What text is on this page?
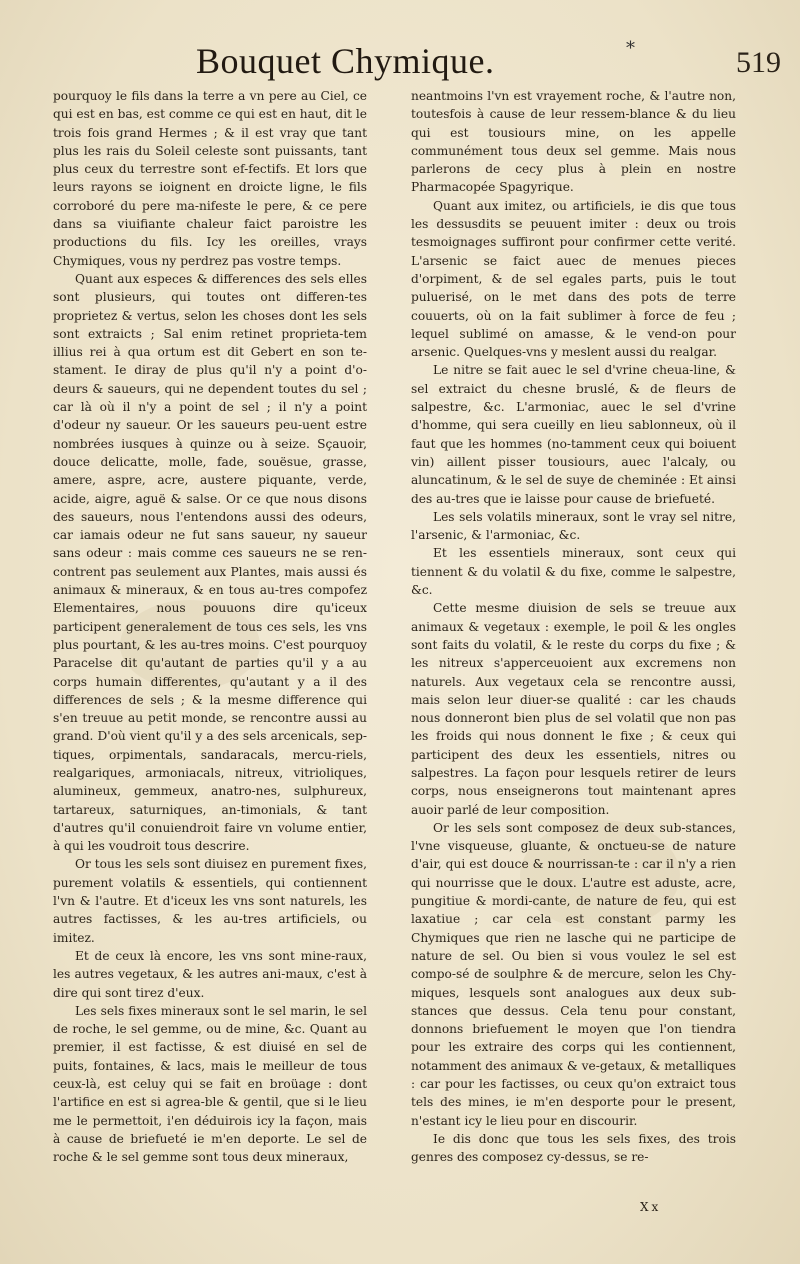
Bouquet Chymique.	*	519

pourquoy le fils dans la terre a vn pere au Ciel, ce qui est en bas, est comme ce qui est en haut, dit le trois fois grand Hermes ; & il est vray que tant plus les rais du Soleil celeste sont puissants, tant plus ceux du terrestre sont ef-fectifs. Et lors que leurs rayons se ioignent en droicte ligne, le fils corroboré du pere ma-nifeste le pere, & ce pere dans sa viuifiante chaleur faict paroistre les productions du fils. Icy les oreilles, vrays Chymiques, vous ny perdrez pas vostre temps.

Quant aux especes & differences des sels elles sont plusieurs, qui toutes ont differen-tes proprietez & vertus, selon les choses dont les sels sont extraicts ; Sal enim retinet proprieta-tem illius rei à qua ortum est dit Gebert en son te-stament. Ie diray de plus qu'il n'y a point d'o-deurs & saueurs, qui ne dependent toutes du sel ; car là où il n'y a point de sel ; il n'y a point d'odeur ny saueur. Or les saueurs peu-uent estre nombrées iusques à quinze ou à seize. Sçauoir, douce delicatte, molle, fade, souësue, grasse, amere, aspre, acre, austere piquante, verde, acide, aigre, aguë & salse. Or ce que nous disons des saueurs, nous l'entendons aussi des odeurs, car iamais odeur ne fut sans saueur, ny saueur sans odeur : mais comme ces saueurs ne se ren-contrent pas seulement aux Plantes, mais aussi és animaux & mineraux, & en tous au-tres compofez Elementaires, nous pouuons dire qu'iceux participent generalement de tous ces sels, les vns plus pourtant, & les au-tres moins. C'est pourquoy Paracelse dit qu'autant de parties qu'il y a au corps humain differentes, qu'autant y a il des differences de sels ; & la mesme difference qui s'en treuue au petit monde, se rencontre aussi au grand. D'où vient qu'il y a des sels arcenicals, sep-tiques, orpimentals, sandaracals, mercu-riels, realgariques, armoniacals, nitreux, vitrioliques, alumineux, gemmeux, anatro-nes, sulphureux, tartareux, saturniques, an-timonials, & tant d'autres qu'il conuiendroit faire vn volume entier, à qui les voudroit tous descrire.

Or tous les sels sont diuisez en purement fixes, purement volatils & essentiels, qui contiennent l'vn & l'autre. Et d'iceux les vns sont naturels, les autres factisses, & les au-tres artificiels, ou imitez.

Et de ceux là encore, les vns sont mine-raux, les autres vegetaux, & les autres ani-maux, c'est à dire qui sont tirez d'eux.

Les sels fixes mineraux sont le sel marin, le sel de roche, le sel gemme, ou de mine, &c. Quant au premier, il est factisse, & est diuisé en sel de puits, fontaines, & lacs, mais le meilleur de tous ceux-là, est celuy qui se fait en broüage : dont l'artifice en est si agrea-ble & gentil, que si le lieu me le permettoit, i'en déduirois icy la façon, mais à cause de briefueté ie m'en deporte. Le sel de roche & le sel gemme sont tous deux mineraux,

neantmoins l'vn est vrayement roche, & l'autre non, toutesfois à cause de leur ressem-blance & du lieu qui est tousiours mine, on les appelle communément tous deux sel gemme. Mais nous parlerons de cecy plus à plein en nostre Pharmacopée Spagyrique.

Quant aux imitez, ou artificiels, ie dis que tous les dessusdits se peuuent imiter : deux ou trois tesmoignages suffiront pour confirmer cette verité. L'arsenic se faict auec de menues pieces d'orpiment, & de sel egales parts, puis le tout puluerisé, on le met dans des pots de terre couuerts, où on la fait sublimer à force de feu ; lequel sublimé on amasse, & le vend-on pour arsenic. Quelques-vns y meslent aussi du realgar.

Le nitre se fait auec le sel d'vrine cheua-line, & sel extraict du chesne bruslé, & de fleurs de salpestre, &c. L'armoniac, auec le sel d'vrine d'homme, qui sera cueilly en lieu sablonneux, où il faut que les hommes (no-tamment ceux qui boiuent vin) aillent pisser tousiours, auec l'alcaly, ou aluncatinum, & le sel de suye de cheminée : Et ainsi des au-tres que ie laisse pour cause de briefueté.

Les sels volatils mineraux, sont le vray sel nitre, l'arsenic, & l'armoniac, &c.

Et les essentiels mineraux, sont ceux qui tiennent & du volatil & du fixe, comme le salpestre, &c.

Cette mesme diuision de sels se treuue aux animaux & vegetaux : exemple, le poil & les ongles sont faits du volatil, & le reste du corps du fixe ; & les nitreux s'apperceuoient aux excremens non naturels. Aux vegetaux cela se rencontre aussi, mais selon leur diuer-se qualité : car les chauds nous donneront bien plus de sel volatil que non pas les froids qui nous donnent le fixe ; & ceux qui participent des deux les essentiels, nitres ou salpestres. La façon pour lesquels retirer de leurs corps, nous enseignerons tout maintenant apres auoir parlé de leur composition.

Or les sels sont composez de deux sub-stances, l'vne visqueuse, gluante, & onctueu-se de nature d'air, qui est douce & nourrissan-te : car il n'y a rien qui nourrisse que le doux. L'autre est aduste, acre, pungitiue & mordi-cante, de nature de feu, qui est laxatiue ; car cela est constant parmy les Chymiques que rien ne lasche qui ne participe de nature de sel. Ou bien si vous voulez le sel est compo-sé de soulphre & de mercure, selon les Chy-miques, lesquels sont analogues aux deux sub-stances que dessus. Cela tenu pour constant, donnons briefuement le moyen que l'on tiendra pour les extraire des corps qui les contiennent, notamment des animaux & ve-getaux, & metalliques : car pour les factisses, ou ceux qu'on extraict tous tels des mines, ie m'en desporte pour le present, n'estant icy le lieu pour en discourir.

Ie dis donc que tous les sels fixes, des trois genres des composez cy-dessus, se re-

Xx
